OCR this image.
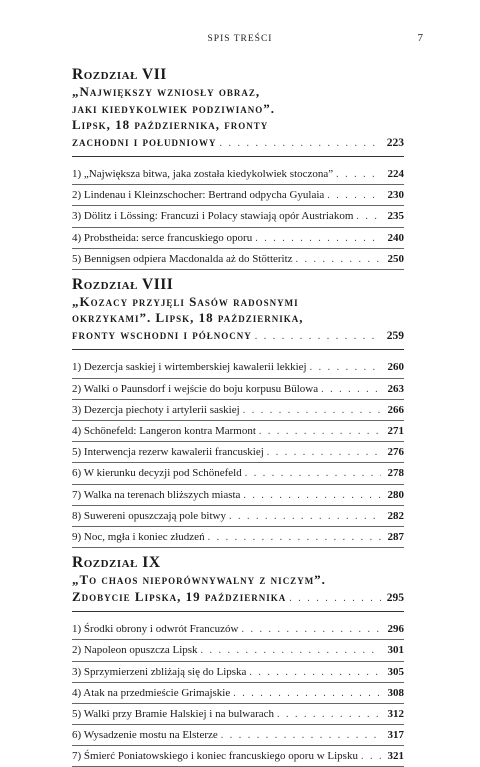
SPIS TREŚCI	7
Rozdział VII
„Największy wzniosły obraz,
jaki kiedykolwiek podziwiano”.
Lipsk, 18 października, fronty
zachodni i południowy . . .	223
1) „Największa bitwa, jaka została kiedykolwiek stoczona” . . .	224
2) Lindenau i Kleinzschocher: Bertrand odpycha Gyulaia . . .	230
3) Dölitz i Lössing: Francuzi i Polacy stawiają opór Austriakom . . .	235
4) Probstheida: serce francuskiego oporu . . .	240
5) Bennigsen odpiera Macdonalda aż do Stötteritz . . .	250
Rozdział VIII
„Kozacy przyjęli Sasów radosnymi
okrzykami”. Lipsk, 18 października,
fronty wschodni i północny . . .	259
1) Dezercja saskiej i wirtemberskiej kawalerii lekkiej . . .	260
2) Walki o Paunsdorf i wejście do boju korpusu Bülowa . . .	263
3) Dezercja piechoty i artylerii saskiej . . .	266
4) Schönefeld: Langeron kontra Marmont . . .	271
5) Interwencja rezerw kawalerii francuskiej . . .	276
6) W kierunku decyzji pod Schönefeld . . .	278
7) Walka na terenach bliższych miasta . . .	280
8) Suwereni opuszczają pole bitwy . . .	282
9) Noc, mgła i koniec złudzeń . . .	287
Rozdział IX
„To chaos nieporównywalny z niczym”.
Zdobycie Lipska, 19 października . . .	295
1) Środki obrony i odwrót Francuzów . . .	296
2) Napoleon opuszcza Lipsk . . .	301
3) Sprzymierzeni zbliżają się do Lipska . . .	305
4) Atak na przedmieście Grimajskie . . .	308
5) Walki przy Bramie Halskiej i na bulwarach . . .	312
6) Wysadzenie mostu na Elsterze . . .	317
7) Śmierć Poniatowskiego i koniec francuskiego oporu w Lipsku . . .	321
